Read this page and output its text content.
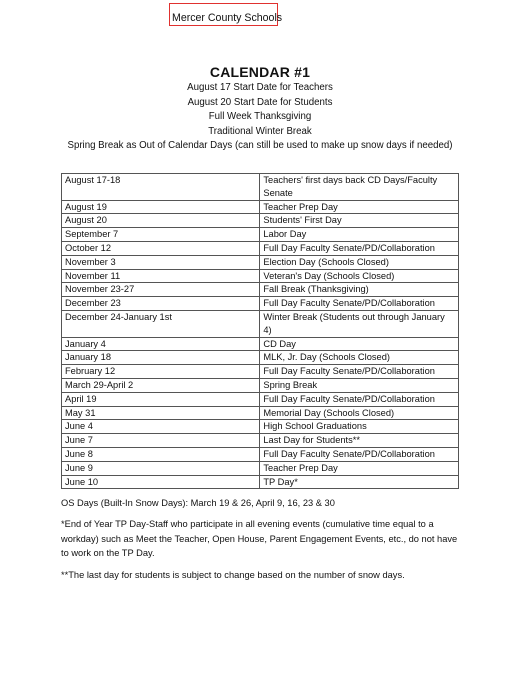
Mercer County Schools
CALENDAR #1
August 17 Start Date for Teachers
August 20 Start Date for Students
Full Week Thanksgiving
Traditional Winter Break
Spring Break as Out of Calendar Days (can still be used to make up snow days if needed)
August 17-18	Teachers' first days back CD Days/Faculty Senate
August 19	Teacher Prep Day
August 20	Students' First Day
September 7	Labor Day
October 12	Full Day Faculty Senate/PD/Collaboration
November 3	Election Day (Schools Closed)
November 11	Veteran's Day (Schools Closed)
November 23-27	Fall Break (Thanksgiving)
December 23	Full Day Faculty Senate/PD/Collaboration
December 24-January 1st	Winter Break (Students out through January 4)
January 4	CD Day
January 18	MLK, Jr. Day (Schools Closed)
February 12	Full Day Faculty Senate/PD/Collaboration
March 29-April 2	Spring Break
April 19	Full Day Faculty Senate/PD/Collaboration
May 31	Memorial Day (Schools Closed)
June 4	High School Graduations
June 7	Last Day for Students**
June 8	Full Day Faculty Senate/PD/Collaboration
June 9	Teacher Prep Day
June 10	TP Day*

OS Days (Built-In Snow Days): March 19 & 26, April 9, 16, 23 & 30

*End of Year TP Day-Staff who participate in all evening events (cumulative time equal to a workday) such as Meet the Teacher, Open House, Parent Engagement Events, etc., do not have to work on the TP Day.

**The last day for students is subject to change based on the number of snow days.
